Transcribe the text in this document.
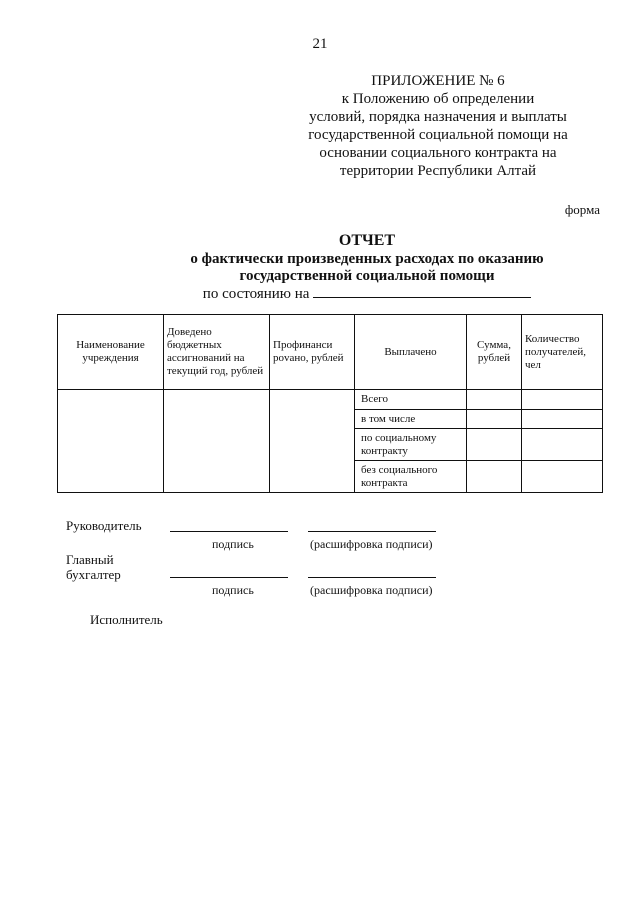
21
ПРИЛОЖЕНИЕ № 6
к Положению об определении
условий, порядка назначения и выплаты
государственной социальной помощи на
основании социального контракта на
территории Республики Алтай
форма
ОТЧЕТ
о фактически произведенных расходах по оказанию
государственной социальной помощи
по состоянию на
Наименование учреждения	Доведено бюджетных ассигнований на текущий год, рублей	Профинанси рovано, рублей	Выплачено	Сумма, рублей	Количество получателей, чел
			Всего		
			в том числе		
			по социальному контракту		
			без социального контракта		
Руководитель
подпись	(расшифровка подписи)
Главный
бухгалтер
подпись	(расшифровка подписи)
Исполнитель
